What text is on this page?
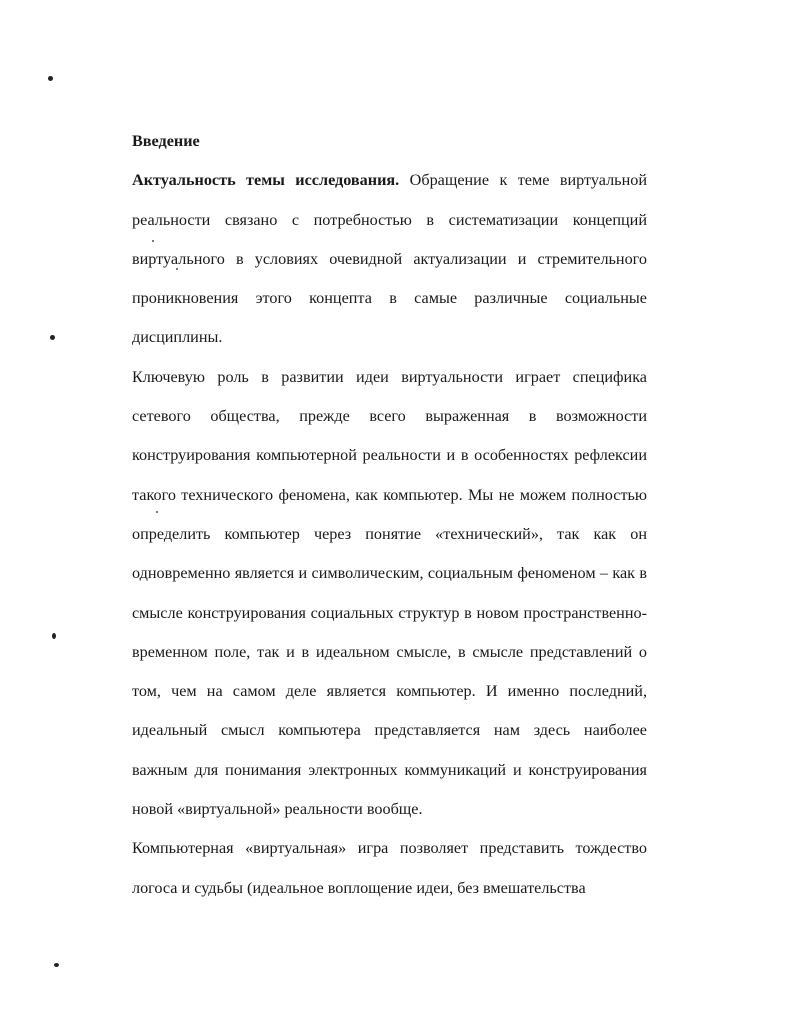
Введение

Актуальность темы исследования. Обращение к теме виртуальной реальности связано с потребностью в систематизации концепций виртуального в условиях очевидной актуализации и стремительного проникновения этого концепта в самые различные социальные дисциплины.

Ключевую роль в развитии идеи виртуальности играет специфика сетевого общества, прежде всего выраженная в возможности конструирования компьютерной реальности и в особенностях рефлексии такого технического феномена, как компьютер. Мы не можем полностью определить компьютер через понятие «технический», так как он одновременно является и символическим, социальным феноменом – как в смысле конструирования социальных структур в новом пространственно-временном поле, так и в идеальном смысле, в смысле представлений о том, чем на самом деле является компьютер. И именно последний, идеальный смысл компьютера представляется нам здесь наиболее важным для понимания электронных коммуникаций и конструирования новой «виртуальной» реальности вообще.

Компьютерная «виртуальная» игра позволяет представить тождество логоса и судьбы (идеальное воплощение идеи, без вмешательства
